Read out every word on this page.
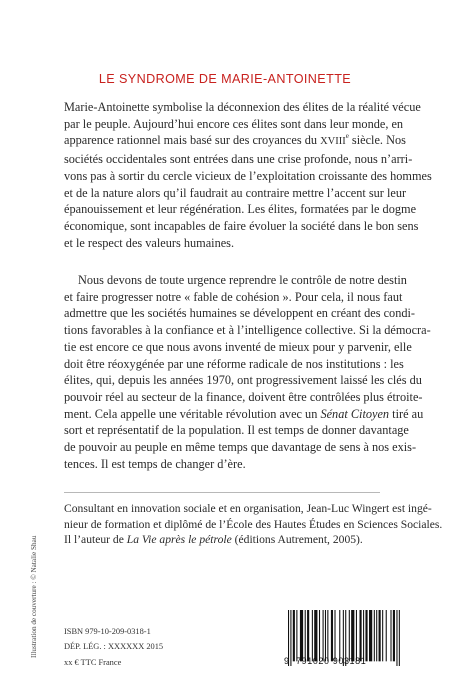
LE SYNDROME DE MARIE-ANTOINETTE
Marie-Antoinette symbolise la déconnexion des élites de la réalité vécue
par le peuple. Aujourd’hui encore ces élites sont dans leur monde, en
apparence rationnel mais basé sur des croyances du XVIIIe siècle. Nos
sociétés occidentales sont entrées dans une crise profonde, nous n’arri-
vons pas à sortir du cercle vicieux de l’exploitation croissante des hommes
et de la nature alors qu’il faudrait au contraire mettre l’accent sur leur
épanouissement et leur régénération. Les élites, formatées par le dogme
économique, sont incapables de faire évoluer la société dans le bon sens
et le respect des valeurs humaines.
Nous devons de toute urgence reprendre le contrôle de notre destin
et faire progresser notre « fable de cohésion ». Pour cela, il nous faut
admettre que les sociétés humaines se développent en créant des condi-
tions favorables à la confiance et à l’intelligence collective. Si la démocra-
tie est encore ce que nous avons inventé de mieux pour y parvenir, elle
doit être réoxygénée par une réforme radicale de nos institutions : les
élites, qui, depuis les années 1970, ont progressivement laissé les clés du
pouvoir réel au secteur de la finance, doivent être contrôlées plus étroite-
ment. Cela appelle une véritable révolution avec un Sénat Citoyen tiré au
sort et représentatif de la population. Il est temps de donner davantage
de pouvoir au peuple en même temps que davantage de sens à nos exis-
tences. Il est temps de changer d’ère.
Consultant en innovation sociale et en organisation, Jean-Luc Wingert est ingé-
nieur de formation et diplômé de l’École des Hautes Études en Sciences Sociales.
Il l’auteur de La Vie après le pétrole (éditions Autrement, 2005).
Illustration de couverture : © Natalie Shau	ISBN 979-10-209-0318-1
DÉP. LÉG. : XXXXXX 2015
xx € TTC France	9 791020 903181
